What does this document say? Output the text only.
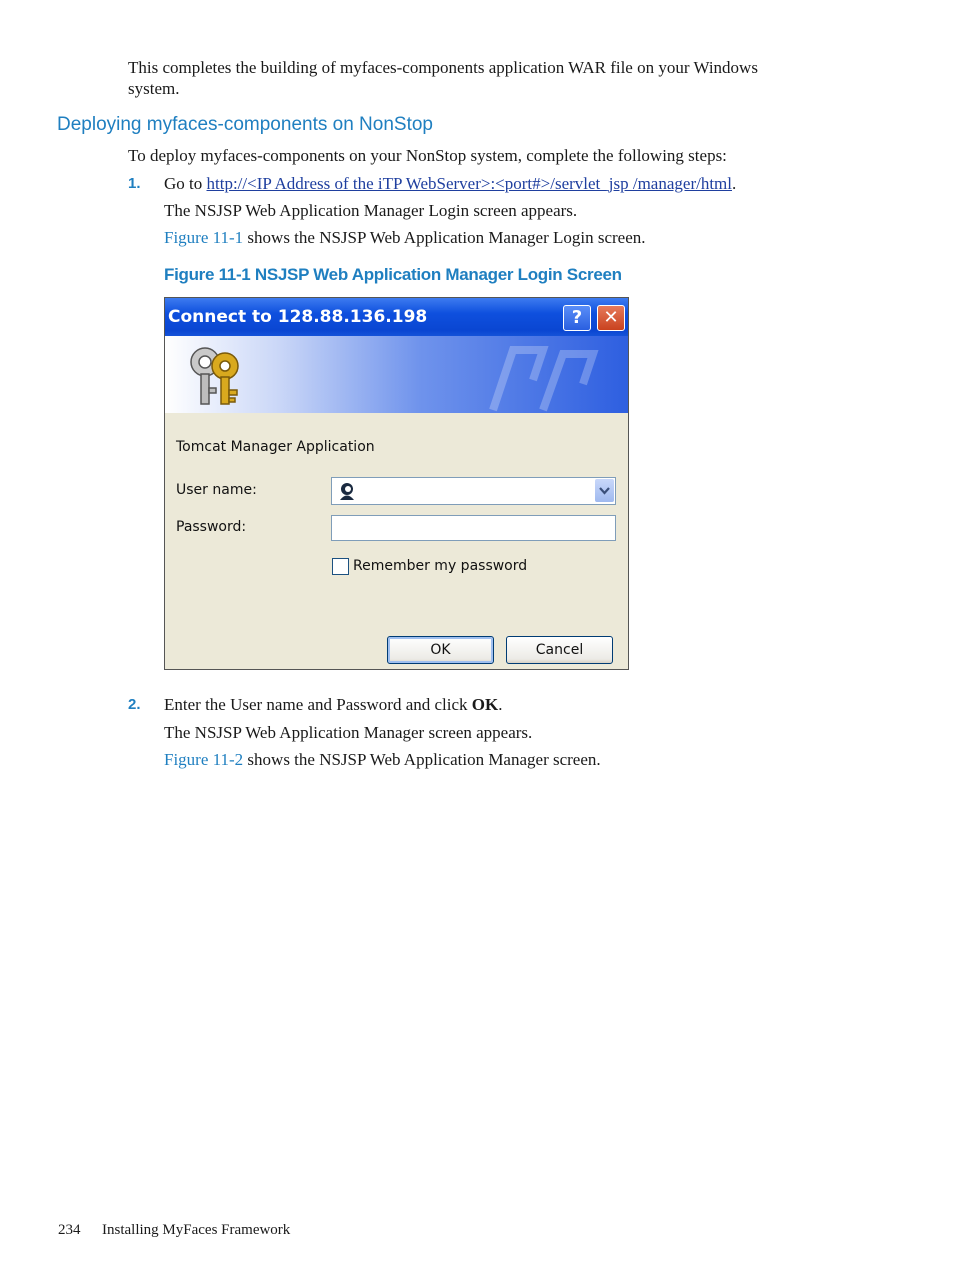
This completes the building of myfaces-components application WAR file on your Windows
system.
Deploying myfaces-components on NonStop
To deploy myfaces-components on your NonStop system, complete the following steps:
1. Go to http://<IP Address of the iTP WebServer>:<port#>/servlet_jsp /manager/html.
The NSJSP Web Application Manager Login screen appears.
Figure 11-1 shows the NSJSP Web Application Manager Login screen.
Figure 11-1 NSJSP Web Application Manager Login Screen
Connect to 128.88.136.198	?	✕
Tomcat Manager Application
User name:
Password:
Remember my password
OK	Cancel
2. Enter the User name and Password and click OK.
The NSJSP Web Application Manager screen appears.
Figure 11-2 shows the NSJSP Web Application Manager screen.
234 Installing MyFaces Framework
